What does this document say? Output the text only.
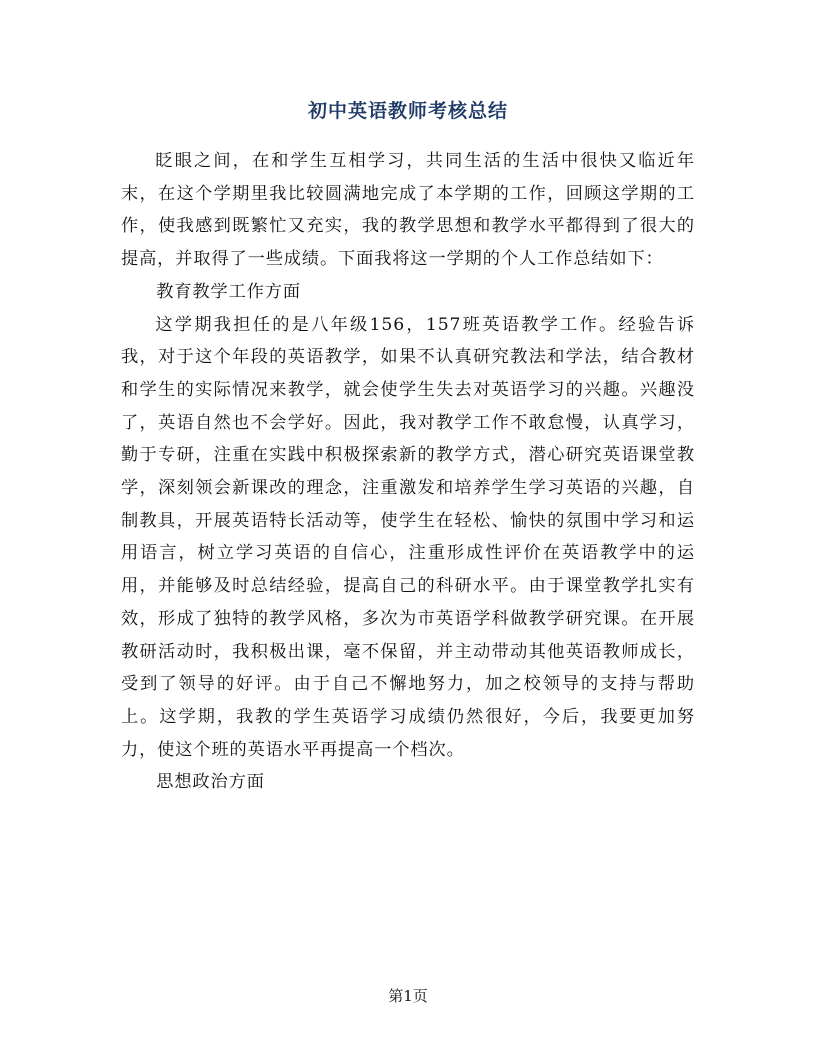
初中英语教师考核总结

眨眼之间，在和学生互相学习，共同生活的生活中很快又临近年末，在这个学期里我比较圆满地完成了本学期的工作，回顾这学期的工作，使我感到既繁忙又充实，我的教学思想和教学水平都得到了很大的提高，并取得了一些成绩。下面我将这一学期的个人工作总结如下：

教育教学工作方面

这学期我担任的是八年级156，157班英语教学工作。经验告诉我，对于这个年段的英语教学，如果不认真研究教法和学法，结合教材和学生的实际情况来教学，就会使学生失去对英语学习的兴趣。兴趣没了，英语自然也不会学好。因此，我对教学工作不敢怠慢，认真学习，勤于专研，注重在实践中积极探索新的教学方式，潜心研究英语课堂教学，深刻领会新课改的理念，注重激发和培养学生学习英语的兴趣，自制教具，开展英语特长活动等，使学生在轻松、愉快的氛围中学习和运用语言，树立学习英语的自信心，注重形成性评价在英语教学中的运用，并能够及时总结经验，提高自己的科研水平。由于课堂教学扎实有效，形成了独特的教学风格，多次为市英语学科做教学研究课。在开展教研活动时，我积极出课，毫不保留，并主动带动其他英语教师成长，受到了领导的好评。由于自己不懈地努力，加之校领导的支持与帮助上。这学期，我教的学生英语学习成绩仍然很好，今后，我要更加努力，使这个班的英语水平再提高一个档次。

思想政治方面

第1页
